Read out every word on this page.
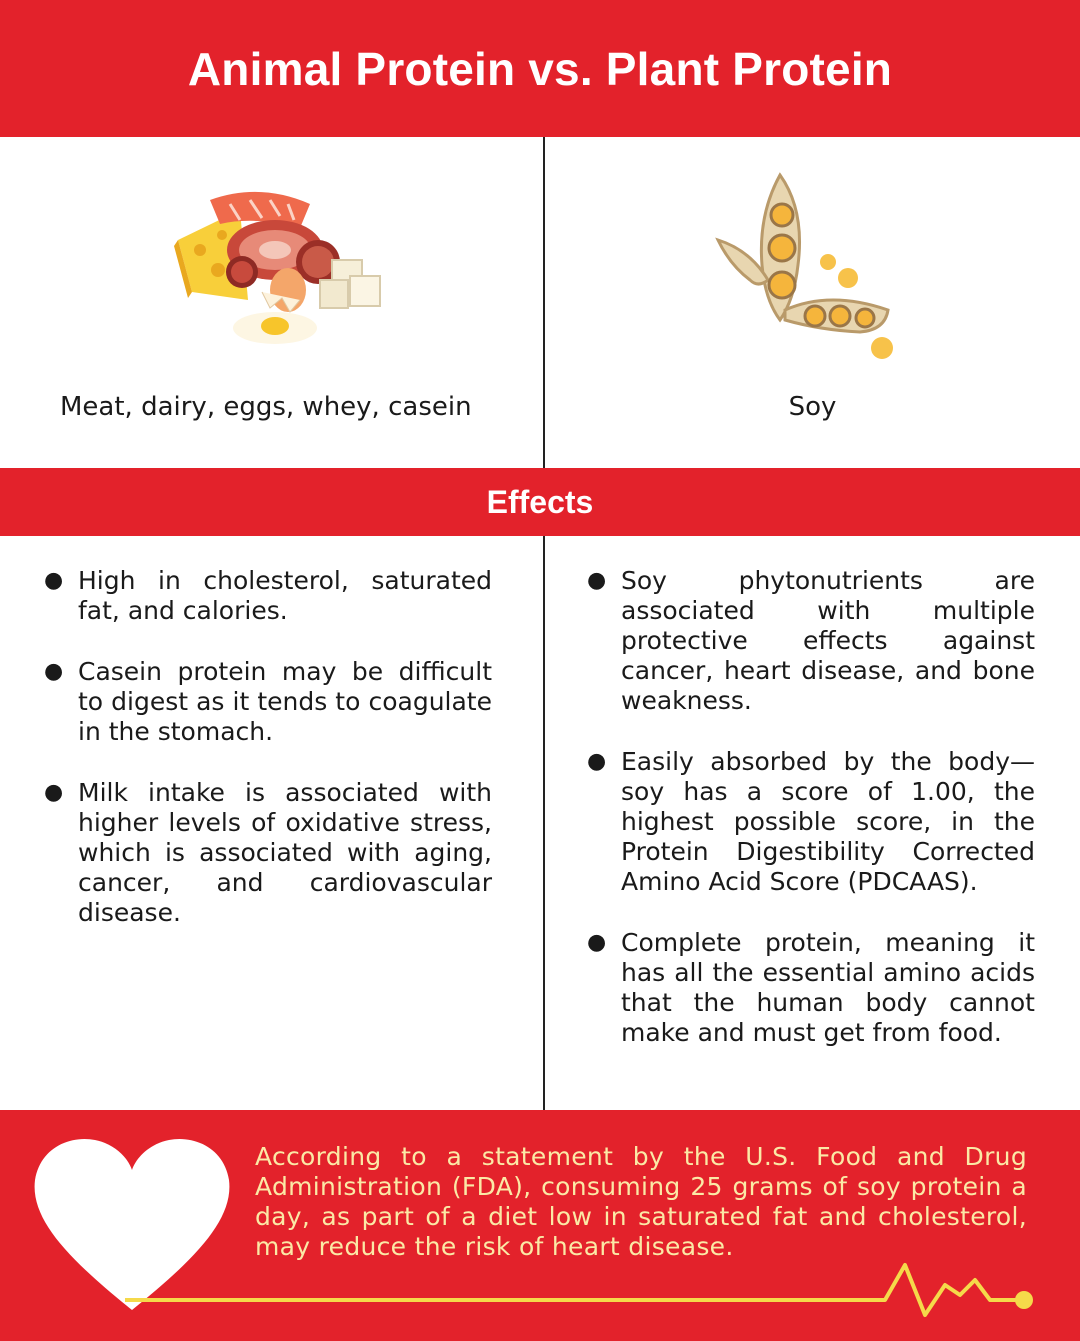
Animal Protein vs. Plant Protein
Meat, dairy, eggs, whey, casein	Soy
Effects
● High in cholesterol, saturated fat, and calories.
● Casein protein may be difficult to digest as it tends to coagulate in the stomach.
● Milk intake is associated with higher levels of oxidative stress, which is associated with aging, cancer, and cardiovascular disease.
● Soy phytonutrients are associated with multiple protective effects against cancer, heart disease, and bone weakness.
● Easily absorbed by the body—soy has a score of 1.00, the highest possible score, in the Protein Digestibility Corrected Amino Acid Score (PDCAAS).
● Complete protein, meaning it has all the essential amino acids that the human body cannot make and must get from food.
According to a statement by the U.S. Food and Drug Administration (FDA), consuming 25 grams of soy protein a day, as part of a diet low in saturated fat and cholesterol, may reduce the risk of heart disease.
